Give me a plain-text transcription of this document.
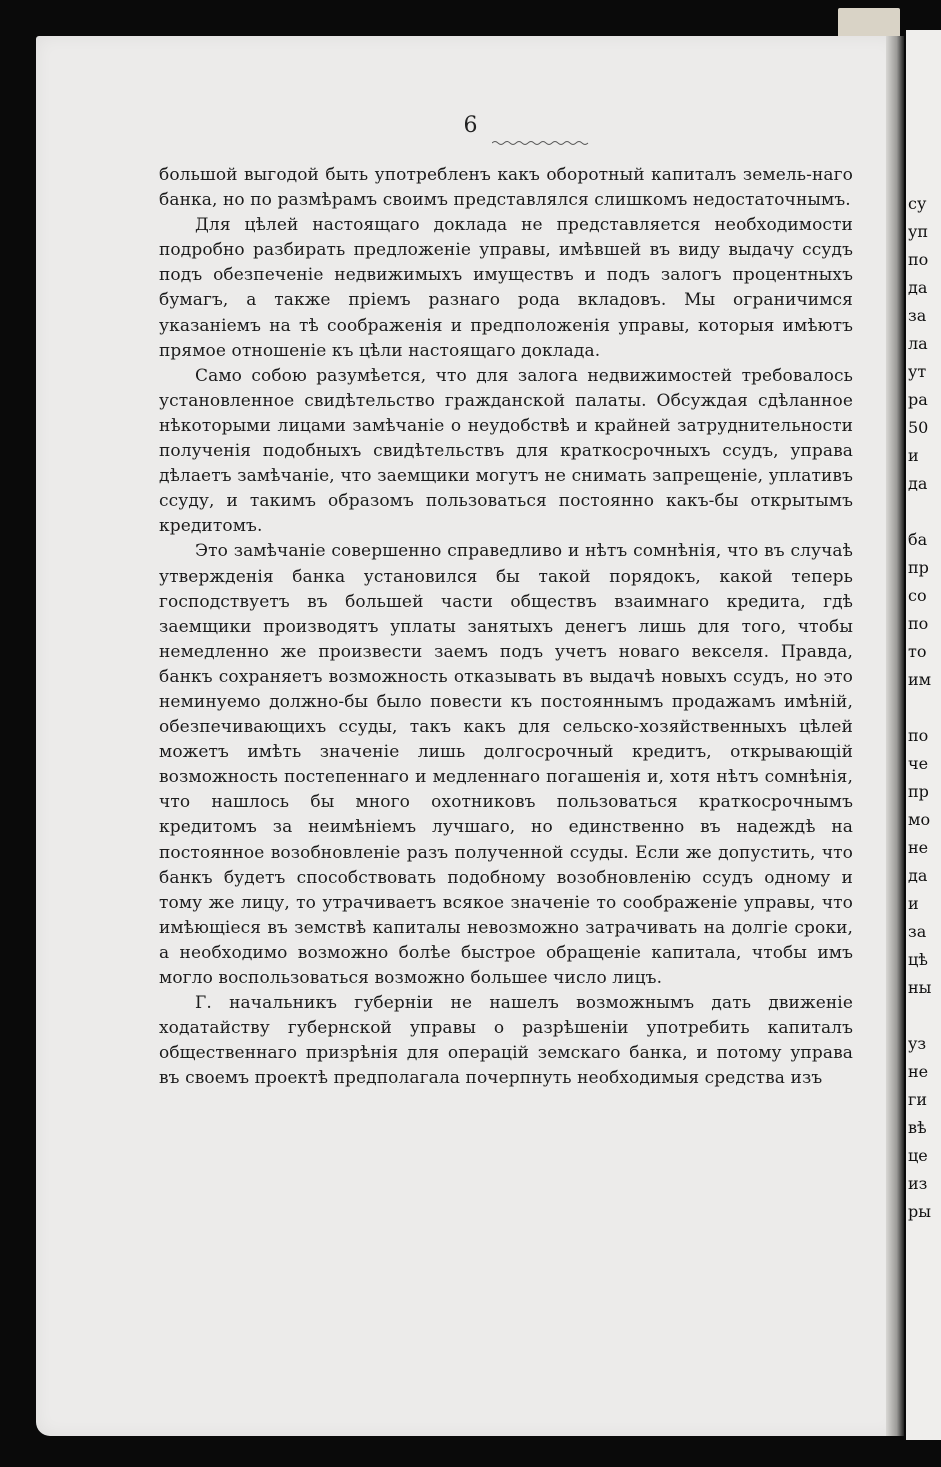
6

большой выгодой быть употребленъ какъ оборотный капиталъ земель-наго банка, но по размѣрамъ своимъ представлялся слишкомъ недостаточнымъ.

Для цѣлей настоящаго доклада не представляется необходимости подробно разбирать предложеніе управы, имѣвшей въ виду выдачу ссудъ подъ обезпеченіе недвижимыхъ имуществъ и подъ залогъ процентныхъ бумагъ, а также пріемъ разнаго рода вкладовъ. Мы ограничимся указаніемъ на тѣ соображенія и предположенія управы, которыя имѣютъ прямое отношеніе къ цѣли настоящаго доклада.

Само собою разумѣется, что для залога недвижимостей требовалось установленное свидѣтельство гражданской палаты. Обсуждая сдѣланное нѣкоторыми лицами замѣчаніе о неудобствѣ и крайней затруднительности полученія подобныхъ свидѣтельствъ для краткосрочныхъ ссудъ, управа дѣлаетъ замѣчаніе, что заемщики могутъ не снимать запрещеніе, уплативъ ссуду, и такимъ образомъ пользоваться постоянно какъ-бы открытымъ кредитомъ.

Это замѣчаніе совершенно справедливо и нѣтъ сомнѣнія, что въ случаѣ утвержденія банка установился бы такой порядокъ, какой теперь господствуетъ въ большей части обществъ взаимнаго кредита, гдѣ заемщики производятъ уплаты занятыхъ денегъ лишь для того, чтобы немедленно же произвести заемъ подъ учетъ новаго векселя. Правда, банкъ сохраняетъ возможность отказывать въ выдачѣ новыхъ ссудъ, но это неминуемо должно-бы было повести къ постояннымъ продажамъ имѣній, обезпечивающихъ ссуды, такъ какъ для сельско-хозяйственныхъ цѣлей можетъ имѣть значеніе лишь долгосрочный кредитъ, открывающій возможность постепеннаго и медленнаго погашенія и, хотя нѣтъ сомнѣнія, что нашлось бы много охотниковъ пользоваться краткосрочнымъ кредитомъ за неимѣніемъ лучшаго, но единственно въ надеждѣ на постоянное возобновленіе разъ полученной ссуды. Если же допустить, что банкъ будетъ способствовать подобному возобновленію ссудъ одному и тому же лицу, то утрачиваетъ всякое значеніе то соображеніе управы, что имѣющіеся въ земствѣ капиталы невозможно затрачивать на долгіе сроки, а необходимо возможно болѣе быстрое обращеніе капитала, чтобы имъ могло воспользоваться возможно большее число лицъ.

Г. начальникъ губерніи не нашелъ возможнымъ дать движеніе ходатайству губернской управы о разрѣшеніи употребить капиталъ общественнаго призрѣнія для операцій земскаго банка, и потому управа въ своемъ проектѣ предполагала почерпнуть необходимыя средства изъ

су
уп
по
да
за
ла
ут
ра
50
и
да
ба
пр
со
по
то
им
по
че
пр
мо
не
да
и
за
цѣ
ны
уз
не
ги
вѣ
це
из
ры
